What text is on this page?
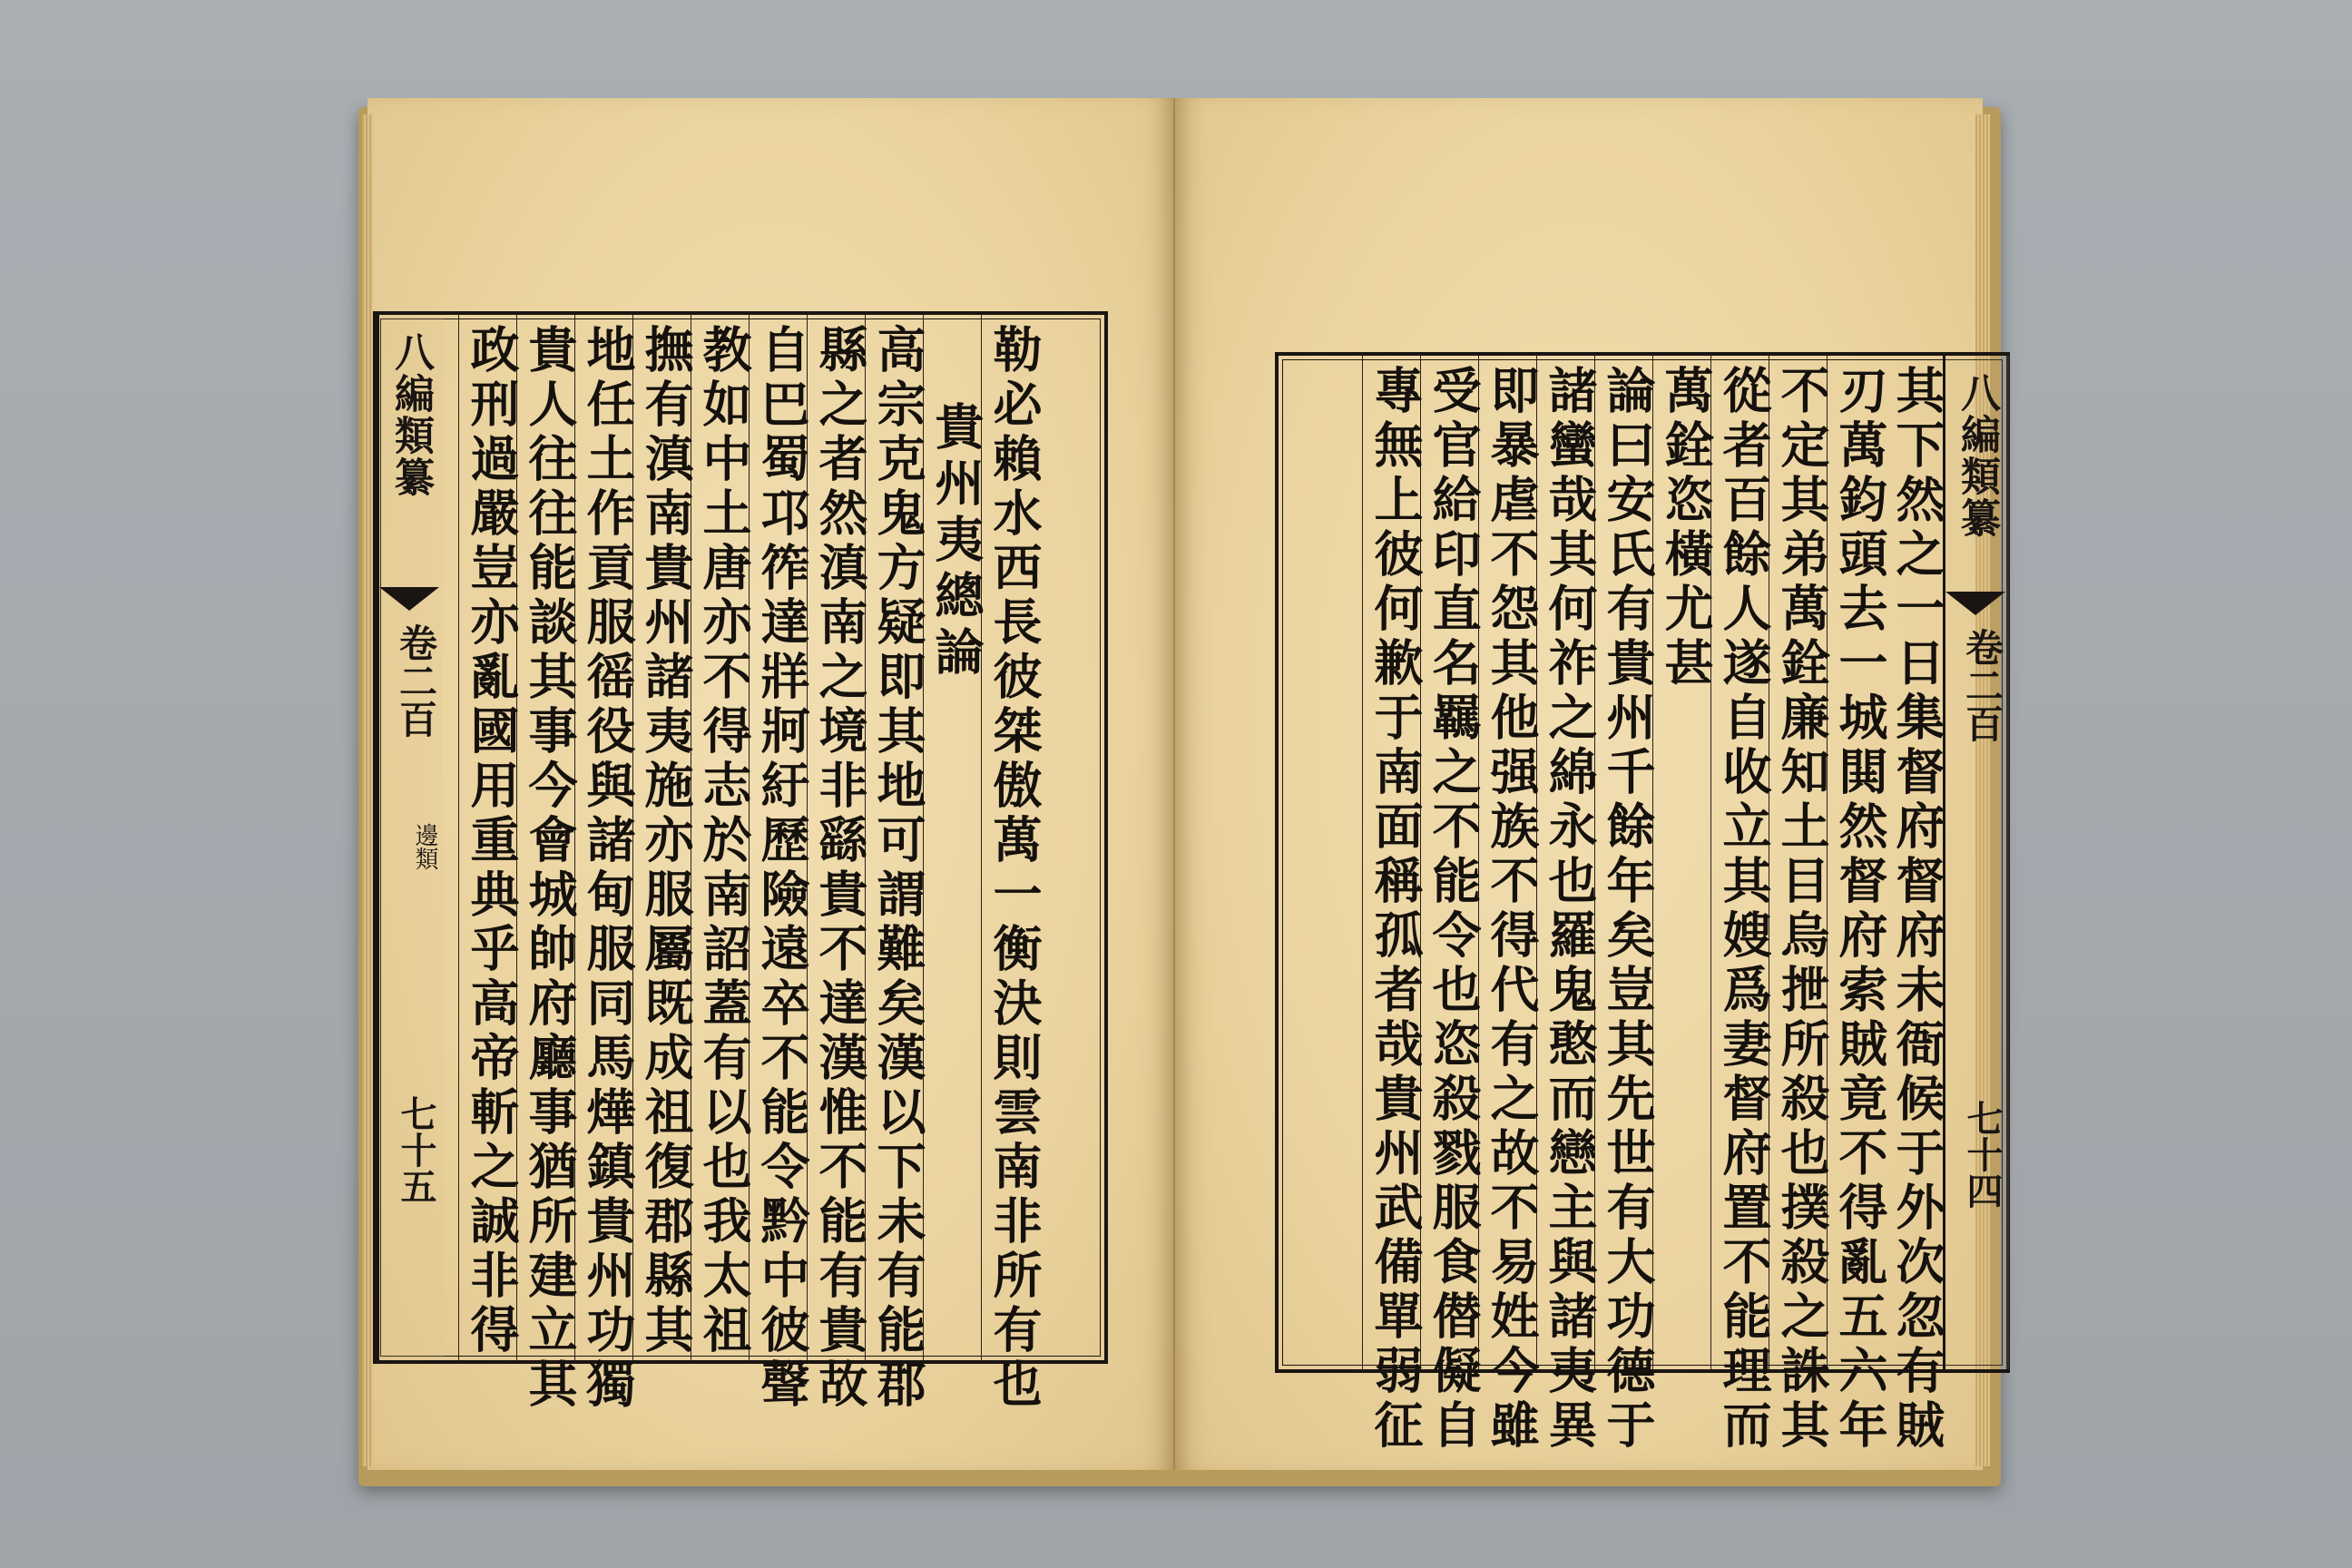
八編類纂
卷二百
邊類
七十五	勒必賴水西長彼桀傲萬一衡決則雲南非所有也
貴州夷總論
高宗克鬼方疑即其地可謂難矣漢以下未有能郡
縣之者然滇南之境非繇貴不達漢惟不能有貴故
自巴蜀邛筰達牂牁紆歷險遠卒不能令黔中彼聲
教如中土唐亦不得志於南詔蓋有以也我太祖
撫有滇南貴州諸夷施亦服屬既成祖復郡縣其
地任土作貢服徭役與諸甸服同馬燁鎮貴州功獨
貴人往往能談其事今會城帥府廳事猶所建立其
政刑過嚴豈亦亂國用重典乎高帝斬之誠非得	八編類纂
卷二百
七十四
其下然之一日集督府督府未衙候于外次忽有賊
刃萬鈞頭去一城閧然督府索賊竟不得亂五六年
不定其弟萬銓廉知土目烏抴所殺也撲殺之誅其
從者百餘人遂自收立其嫂爲妻督府置不能理而
萬銓恣橫尤甚
論曰安氏有貴州千餘年矣豈其先世有大功德于
諸蠻哉其何祚之綿永也羅鬼憨而戀主與諸夷異
即暴虐不怨其他强族不得代有之故不易姓今雖
受官給印直名羈之不能令也恣殺戮服食僣儗自
專無上彼何歉于南面稱孤者哉貴州武備單弱征
